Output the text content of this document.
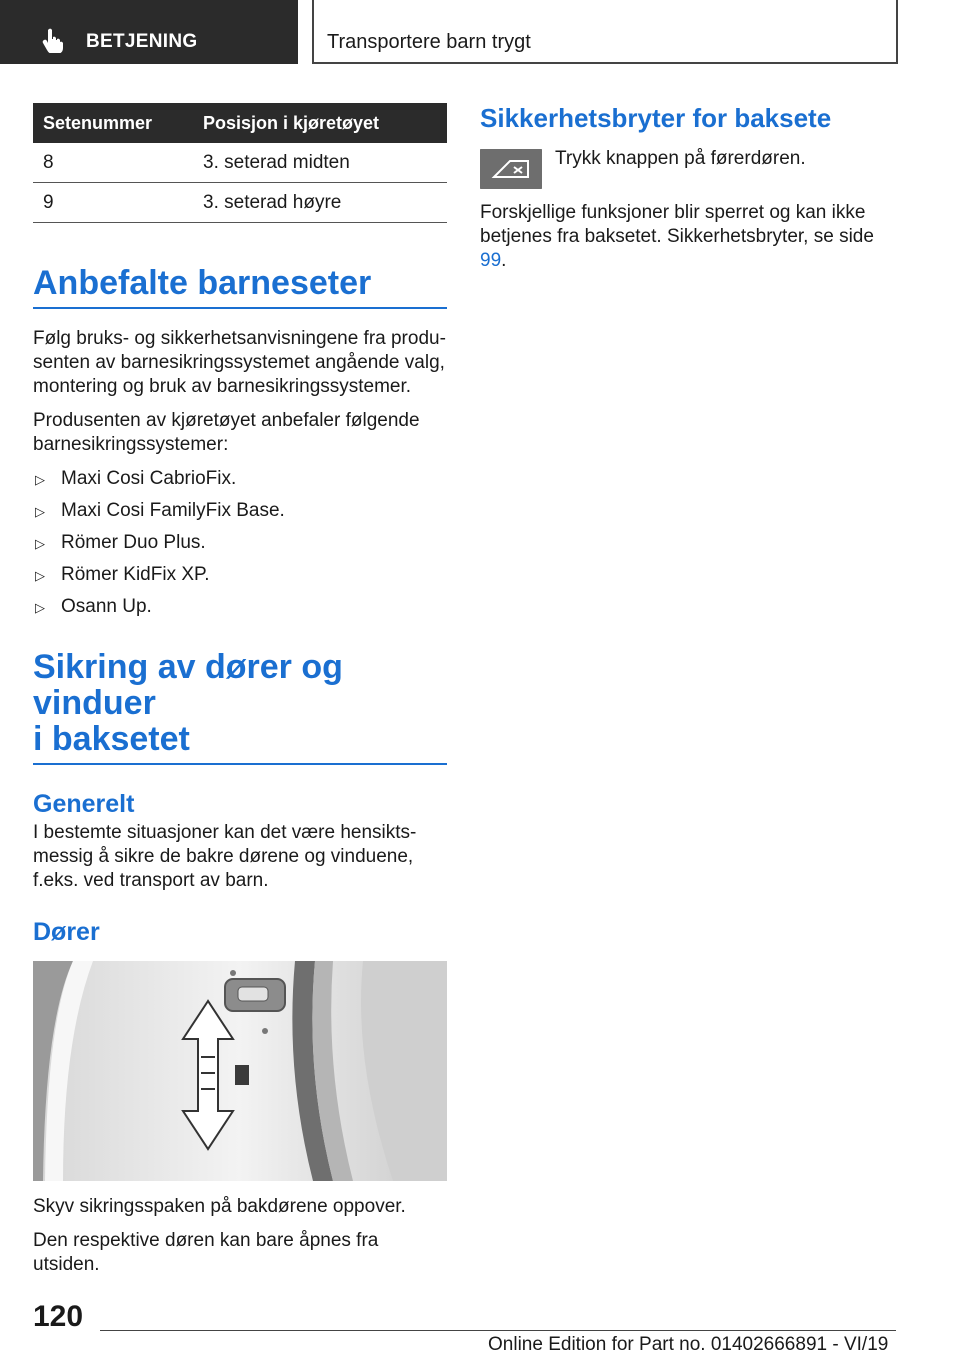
BETJENING	Transportere barn trygt
Setenummer	Posisjon i kjøretøyet
8	3. seterad midten
9	3. seterad høyre
Anbefalte barneseter

Følg bruks- og sikkerhetsanvisningene fra produ-senten av barnesikringssystemet angående valg, montering og bruk av barnesikringssystemer.

Produsenten av kjøretøyet anbefaler følgende barnesikringssystemer:

▷ Maxi Cosi CabrioFix.
▷ Maxi Cosi FamilyFix Base.
▷ Römer Duo Plus.
▷ Römer KidFix XP.
▷ Osann Up.
Sikring av dører og vinduer
i baksetet
Generelt

I bestemte situasjoner kan det være hensikts-messig å sikre de bakre dørene og vinduene, f.eks. ved transport av barn.

Dører

Skyv sikringsspaken på bakdørene oppover.

Den respektive døren kan bare åpnes fra utsiden.

Sikkerhetsbryter for baksete

Trykk knappen på førerdøren.

Forskjellige funksjoner blir sperret og kan ikke betjenes fra baksetet. Sikkerhetsbryter, se side 99.

120
Online Edition for Part no. 01402666891 - VI/19
